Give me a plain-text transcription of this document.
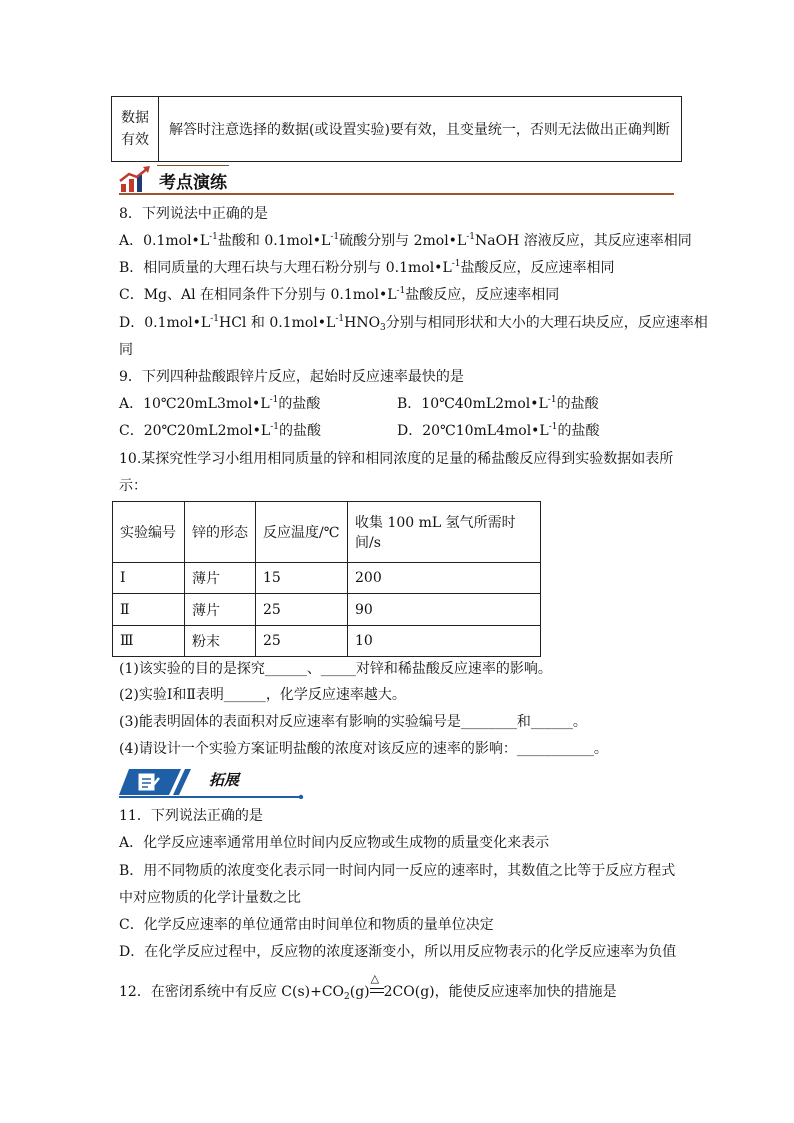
数据
有效	解答时注意选择的数据(或设置实验)要有效，且变量统一，否则无法做出正确判断
考点演练
8．下列说法中正确的是
A．$0.1mol•L^{-1}$盐酸和 $0.1mol•L^{-1}$硫酸分别与 $2mol•L^{-1}NaOH$ 溶液反应，其反应速率相同
B．相同质量的大理石块与大理石粉分别与 $0.1mol•L^{-1}$盐酸反应，反应速率相同
C．Mg、Al 在相同条件下分别与 $0.1mol•L^{-1}$盐酸反应，反应速率相同
D．$0.1mol•L^{-1}HCl$ 和 $0.1mol•L^{-1}HNO_3$分别与相同形状和大小的大理石块反应，反应速率相
同
9．下列四种盐酸跟锌片反应，起始时反应速率最快的是
A．$10℃20mL3mol•L^{-1}$的盐酸	B．$10℃40mL2mol•L^{-1}$的盐酸
C．$20℃20mL2mol•L^{-1}$的盐酸	D．$20℃10mL4mol•L^{-1}$的盐酸
10.某探究性学习小组用相同质量的锌和相同浓度的足量的稀盐酸反应得到实验数据如表所
示：
实验编号	锌的形态	反应温度/℃	收集 100 mL 氢气所需时间/s
Ⅰ	薄片	15	200
Ⅱ	薄片	25	90
Ⅲ	粉末	25	10
(1)该实验的目的是探究______、_____对锌和稀盐酸反应速率的影响。
(2)实验Ⅰ和Ⅱ表明______，化学反应速率越大。
(3)能表明固体的表面积对反应速率有影响的实验编号是________和______。
(4)请设计一个实验方案证明盐酸的浓度对该反应的速率的影响：___________。
拓展
11．下列说法正确的是
A．化学反应速率通常用单位时间内反应物或生成物的质量变化来表示
B．用不同物质的浓度变化表示同一时间内同一反应的速率时，其数值之比等于反应方程式
中对应物质的化学计量数之比
C．化学反应速率的单位通常由时间单位和物质的量单位决定
D．在化学反应过程中，反应物的浓度逐渐变小，所以用反应物表示的化学反应速率为负值
12．在密闭系统中有反应 $C(s)+CO_2(g)$
△
2CO(g)，能使反应速率加快的措施是
